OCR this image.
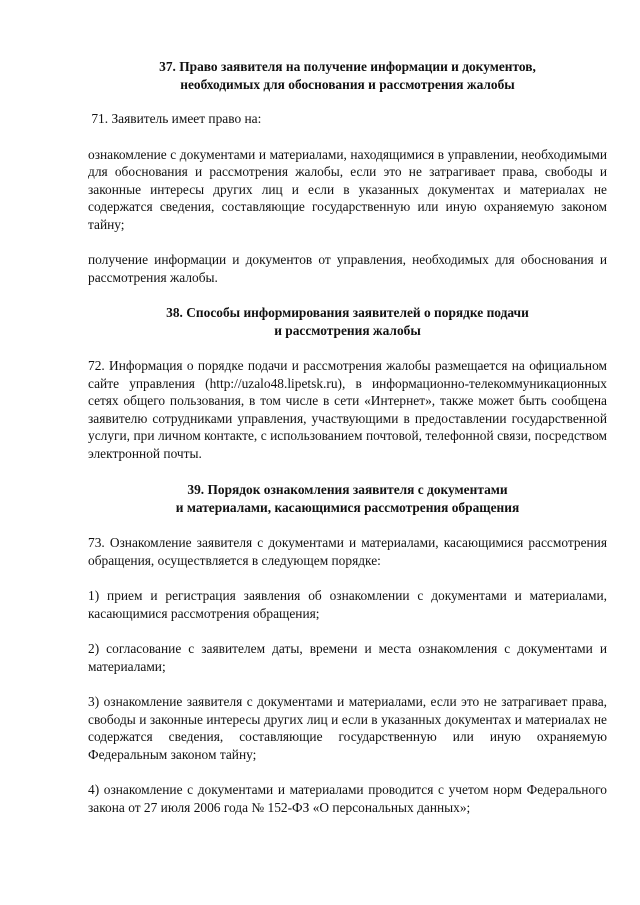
37. Право заявителя на получение информации и документов,
необходимых для обоснования и рассмотрения жалобы

71. Заявитель имеет право на:

ознакомление с документами и материалами, находящимися в управлении, необходимыми для обоснования и рассмотрения жалобы, если это не затрагивает права, свободы и законные интересы других лиц и если в указанных документах и материалах не содержатся сведения, составляющие государственную или иную охраняемую законом тайну;

получение информации и документов от управления, необходимых для обоснования и рассмотрения жалобы.

38. Способы информирования заявителей о порядке подачи
и рассмотрения жалобы

72. Информация о порядке подачи и рассмотрения жалобы размещается на официальном сайте управления (http://uzalo48.lipetsk.ru), в информационно-телекоммуникационных сетях общего пользования, в том числе в сети «Интернет», также может быть сообщена заявителю сотрудниками управления, участвующими в предоставлении государственной услуги, при личном контакте, с использованием почтовой, телефонной связи, посредством электронной почты.

39. Порядок ознакомления заявителя с документами
и материалами, касающимися рассмотрения обращения

73. Ознакомление заявителя с документами и материалами, касающимися рассмотрения обращения, осуществляется в следующем порядке:

1) прием и регистрация заявления об ознакомлении с документами и материалами, касающимися рассмотрения обращения;

2) согласование с заявителем даты, времени и места ознакомления с документами и материалами;

3) ознакомление заявителя с документами и материалами, если это не затрагивает права, свободы и законные интересы других лиц и если в указанных документах и материалах не содержатся сведения, составляющие государственную или иную охраняемую Федеральным законом тайну;

4) ознакомление с документами и материалами проводится с учетом норм Федерального закона от 27 июля 2006 года № 152-ФЗ «О персональных данных»;
